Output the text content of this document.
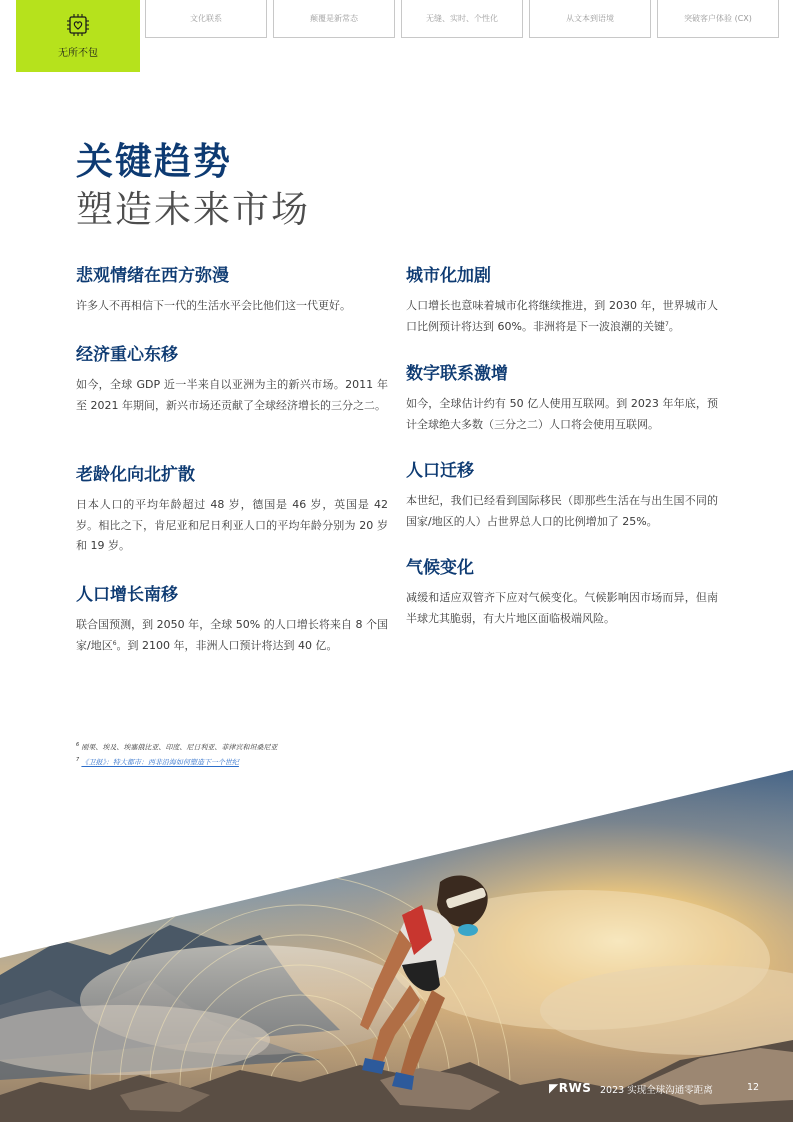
无所不包
文化联系	颠覆是新常态	无缝、实时、个性化	从文本到语境	突破客户体验 (CX)
关键趋势
塑造未来市场
悲观情绪在西方弥漫

许多人不再相信下一代的生活水平会比他们这一代更好。

经济重心东移

如今，全球 GDP 近一半来自以亚洲为主的新兴市场。2011 年至 2021 年期间，新兴市场还贡献了全球经济增长的三分之二。

老龄化向北扩散

日本人口的平均年龄超过 48 岁，德国是 46 岁，英国是 42 岁。相比之下，肯尼亚和尼日利亚人口的平均年龄分别为 20 岁和 19 岁。

人口增长南移

联合国预测，到 2050 年，全球 50% 的人口增长将来自 8 个国家/地区$^6$。到 2100 年，非洲人口预计将达到 40 亿。

城市化加剧

人口增长也意味着城市化将继续推进，到 2030 年，世界城市人口比例预计将达到 60%。非洲将是下一波浪潮的关键$^7$。

数字联系激增

如今，全球估计约有 50 亿人使用互联网。到 2023 年年底，预计全球绝大多数（三分之二）人口将会使用互联网。

人口迁移

本世纪，我们已经看到国际移民（即那些生活在与出生国不同的国家/地区的人）占世界总人口的比例增加了 25%。

气候变化

减缓和适应双管齐下应对气候变化。气候影响因市场而异，但南半球尤其脆弱，有大片地区面临极端风险。

$^6$ 刚果、埃及、埃塞俄比亚、印度、尼日利亚、菲律宾和坦桑尼亚
$^7$ 《卫报》：特大都市：西非沿海如何塑造下一个世纪
◤RWS 2023 实现全球沟通零距离	12
